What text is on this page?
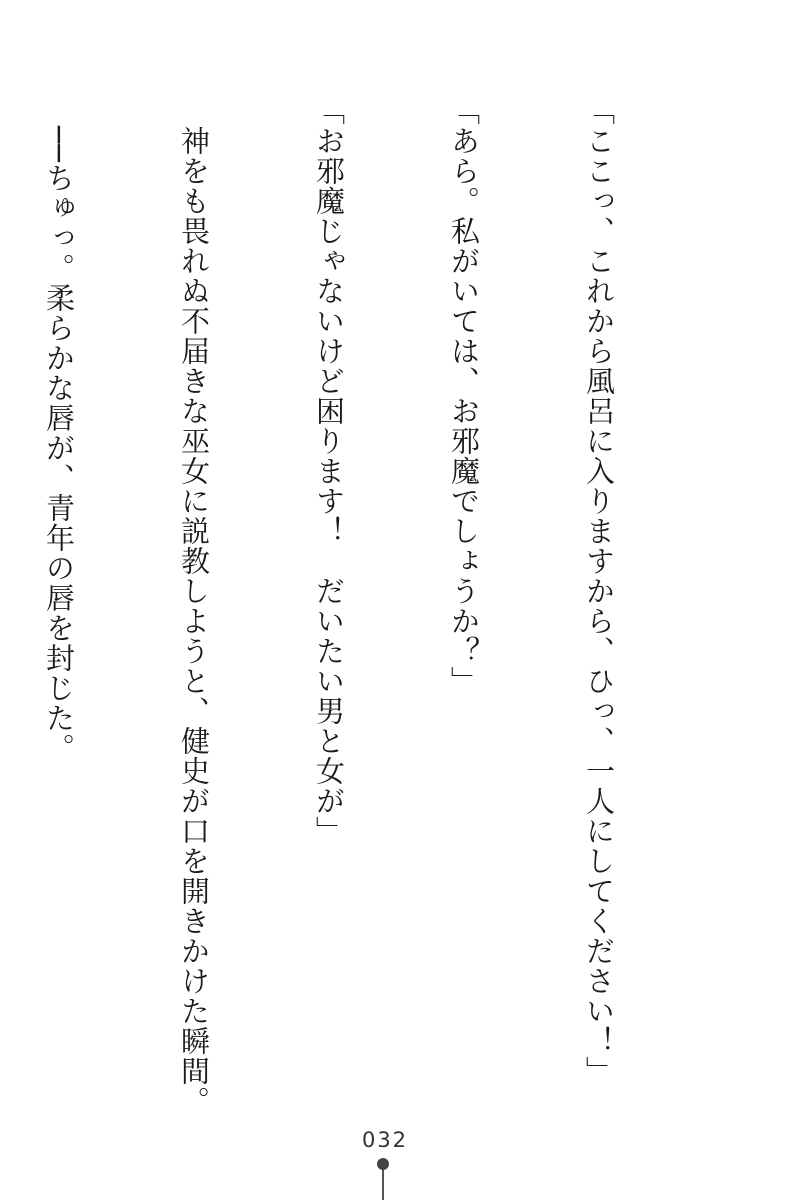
「ここっ、これから風呂に入りますから、ひっ、一人にしてください！」

「あら。私がいては、お邪魔でしょうか？」

「お邪魔じゃないけど困ります！　だいたい男と女が」

　神をも畏れぬ不届きな巫女に説教しようと、健史が口を開きかけた瞬間。

　──ちゅっ。柔らかな唇が、青年の唇を封じた。

032
